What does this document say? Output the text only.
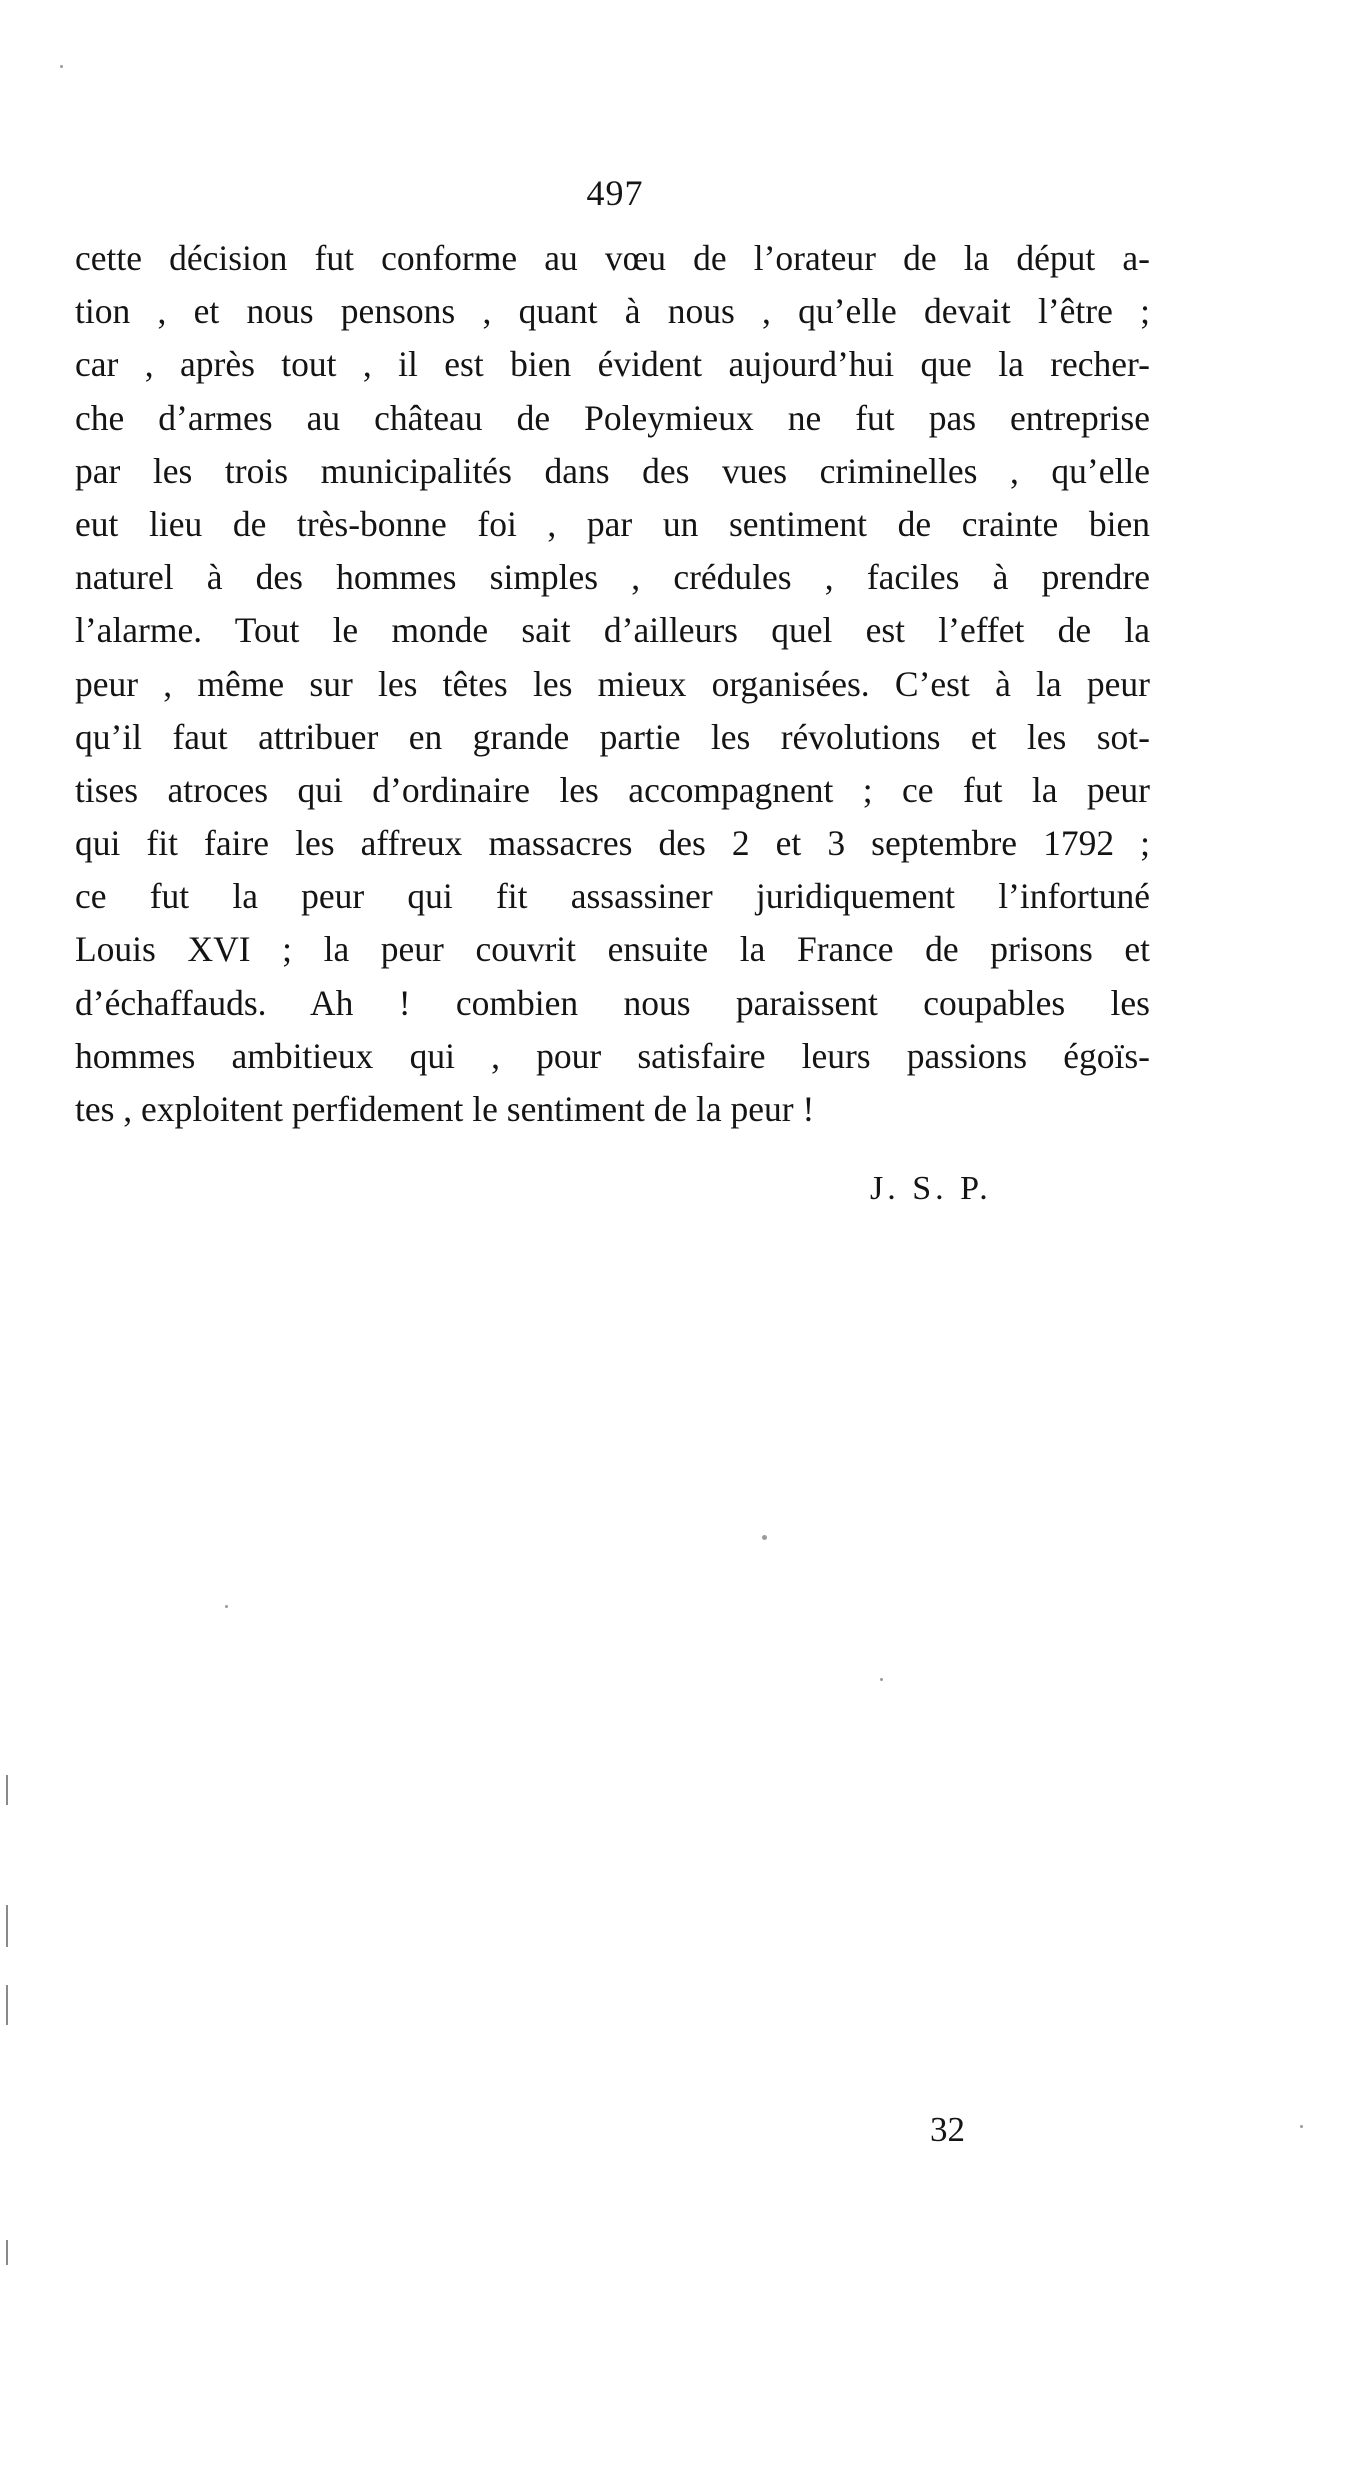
497
cette décision fut conforme au vœu de l’orateur de la déput a-
tion , et nous pensons , quant à nous , qu’elle devait l’être ;
car , après tout , il est bien évident aujourd’hui que la recher-
che d’armes au château de Poleymieux ne fut pas entreprise
par les trois municipalités dans des vues criminelles , qu’elle
eut lieu de très-bonne foi , par un sentiment de crainte bien
naturel à des hommes simples , crédules , faciles à prendre
l’alarme. Tout le monde sait d’ailleurs quel est l’effet de la
peur , même sur les têtes les mieux organisées. C’est à la peur
qu’il faut attribuer en grande partie les révolutions et les sot-
tises atroces qui d’ordinaire les accompagnent ; ce fut la peur
qui fit faire les affreux massacres des 2 et 3 septembre 1792 ;
ce fut la peur qui fit assassiner juridiquement l’infortuné
Louis XVI ; la peur couvrit ensuite la France de prisons et
d’échaffauds. Ah ! combien nous paraissent coupables les
hommes ambitieux qui , pour satisfaire leurs passions égoïs-
tes , exploitent perfidement le sentiment de la peur !
J. S. P.
32
